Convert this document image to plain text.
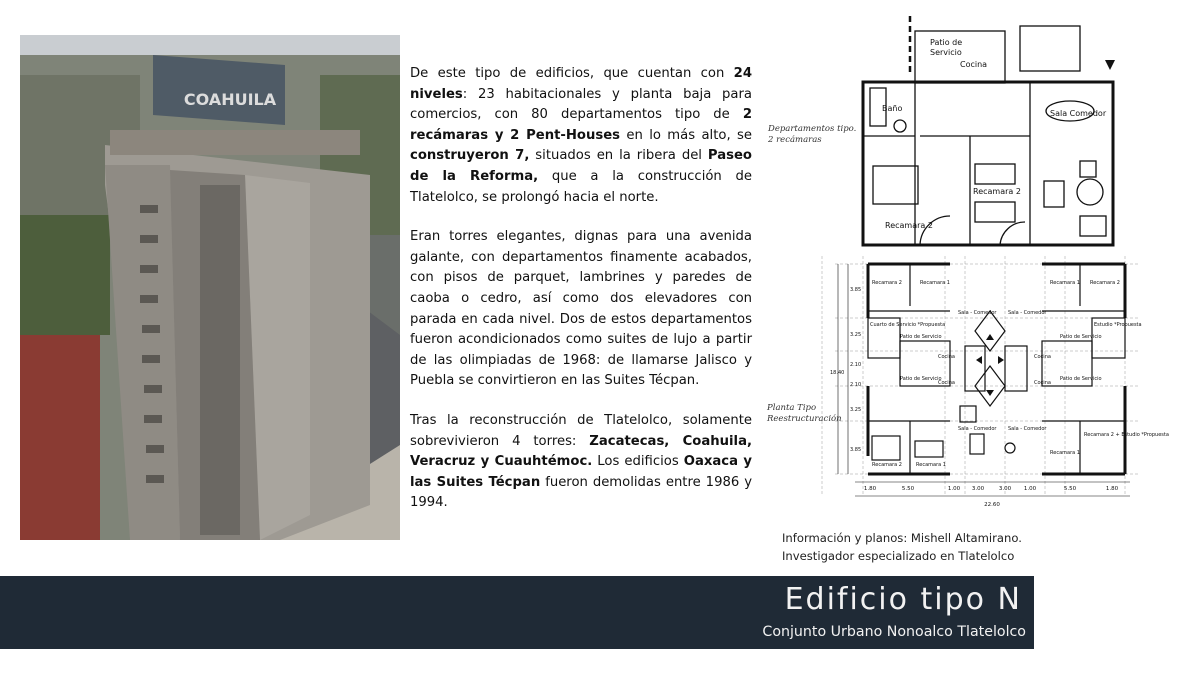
COAHUILA

De este tipo de edificios, que cuentan con 24 niveles: 23 habitacionales y planta baja para comercios, con 80 departamentos tipo de 2 recámaras y 2 Pent-Houses en lo más alto, se construyeron 7, situados en la ribera del Paseo de la Reforma, que a la construcción de Tlatelolco, se prolongó hacia el norte.

Eran torres elegantes, dignas para una avenida galante, con departamentos finamente acabados, con pisos de parquet, lambrines y paredes de caoba o cedro, así como dos elevadores con parada en cada nivel. Dos de estos departamentos fueron acondicionados como suites de lujo a partir de las olimpiadas de 1968: de llamarse Jalisco y Puebla se convirtieron en las Suites Técpan.

Tras la reconstrucción de Tlatelolco, solamente sobrevivieron 4 torres: Zacatecas, Coahuila, Veracruz y Cuauhtémoc. Los edificios Oaxaca y las Suites Técpan fueron demolidas entre 1986 y 1994.

Departamentos tipo.
2 recámaras
Patio de
Servicio
Cocina
Baño
Sala Comedor
Recamara 2
Recamara 2
Planta Tipo
Reestructuración
Recamara 2	Recamara 1	Recamara 1 Recamara 2
Sala - Comedor Sala - Comedor
Cuarto de Servicio *Propuesta	Estudio *Propuesta
Patio de Servicio	Patio de Servicio
Cocina	Cocina
Cocina	Cocina
Patio de Servicio	Patio de Servicio
Sala - Comedor Sala - Comedor
Recamara 2	Recamara 1
Recamara 1
Recamara 2 + Estudio *Propuesta
1.80	5.50	1.00 3.00	3.00 1.00	5.50	1.80
22.60
3.85
3.25
2.10
2.10
3.25
3.85
18.40
Información y planos: Mishell Altamirano.
Investigador especializado en Tlatelolco
Edificio tipo N
Conjunto Urbano Nonoalco Tlatelolco
